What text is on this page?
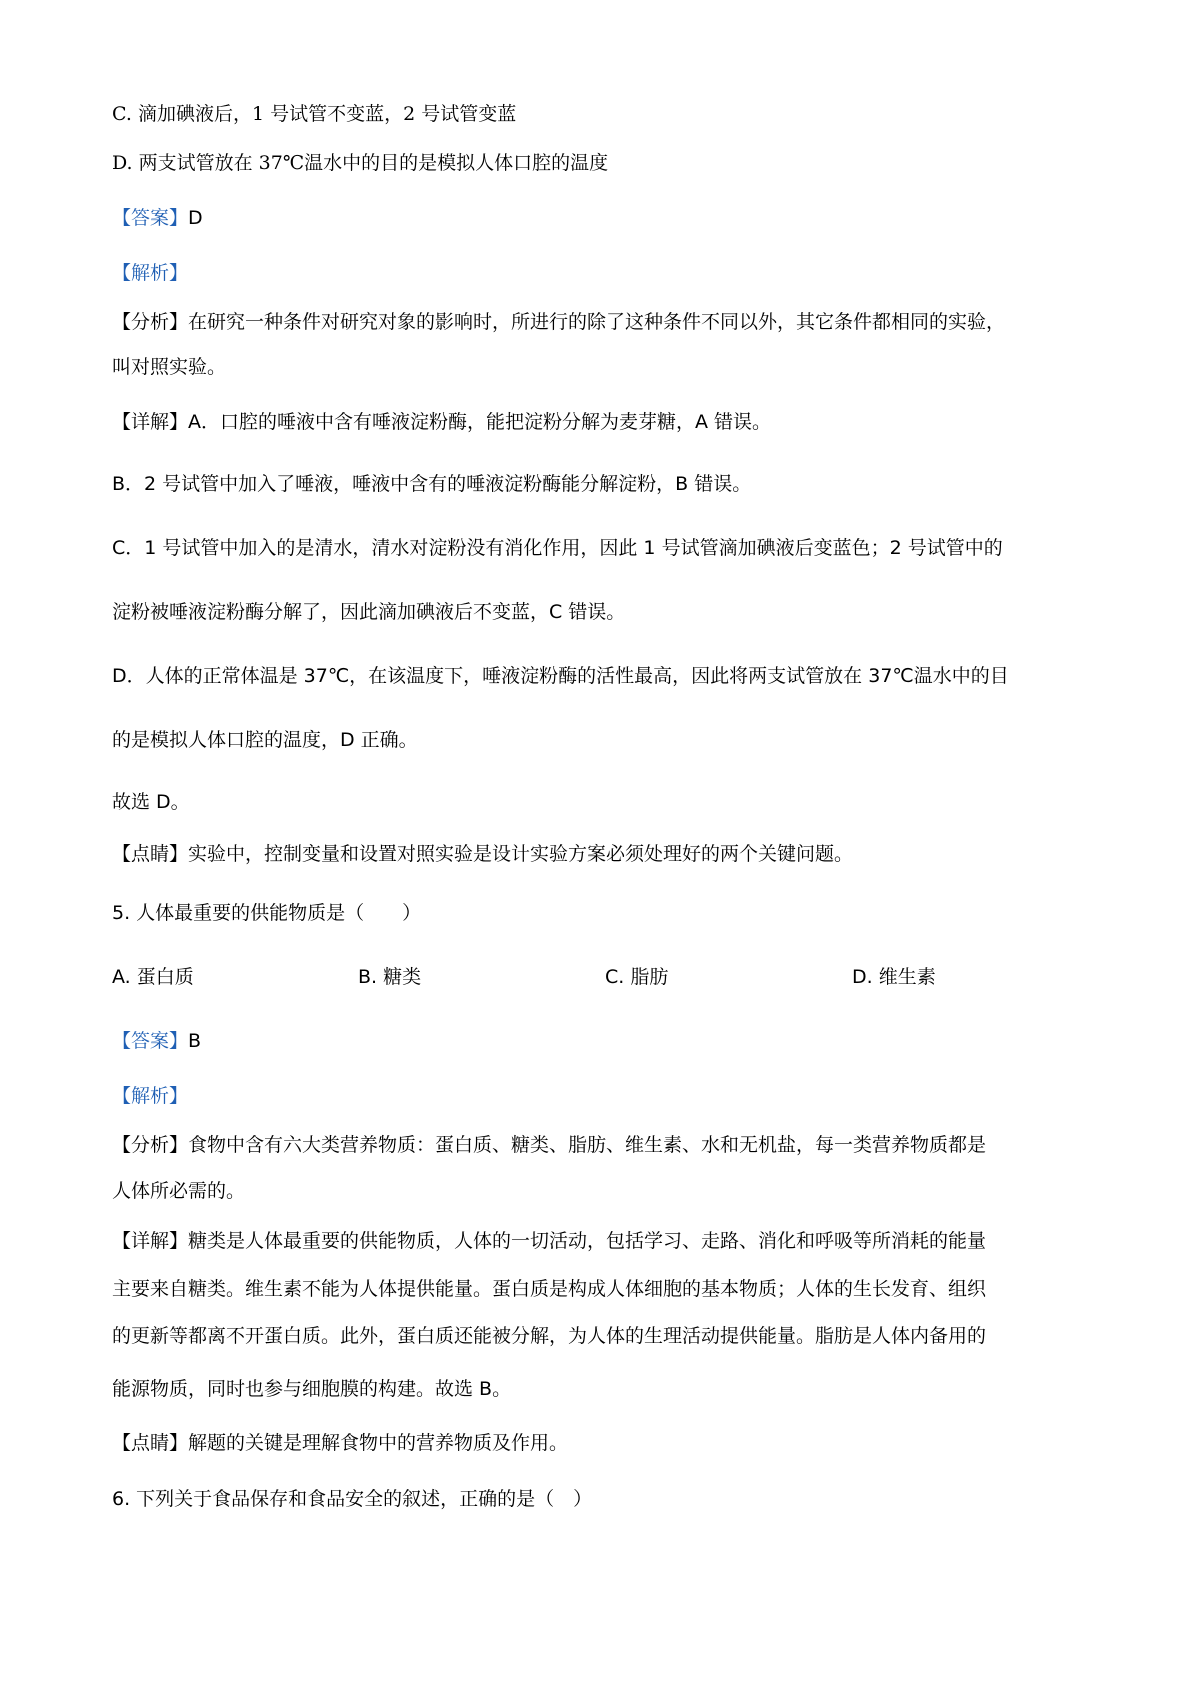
C. 滴加碘液后，1 号试管不变蓝，2 号试管变蓝
D. 两支试管放在 37℃温水中的目的是模拟人体口腔的温度
【答案】D
【解析】
【分析】在研究一种条件对研究对象的影响时，所进行的除了这种条件不同以外，其它条件都相同的实验，
叫对照实验。
【详解】A．口腔的唾液中含有唾液淀粉酶，能把淀粉分解为麦芽糖，A 错误。
B．2 号试管中加入了唾液，唾液中含有的唾液淀粉酶能分解淀粉，B 错误。
C．1 号试管中加入的是清水，清水对淀粉没有消化作用，因此 1 号试管滴加碘液后变蓝色；2 号试管中的
淀粉被唾液淀粉酶分解了，因此滴加碘液后不变蓝，C 错误。
D．人体的正常体温是 37℃，在该温度下，唾液淀粉酶的活性最高，因此将两支试管放在 37℃温水中的目
的是模拟人体口腔的温度，D 正确。
故选 D。
【点睛】实验中，控制变量和设置对照实验是设计实验方案必须处理好的两个关键问题。
5. 人体最重要的供能物质是（　　）
A. 蛋白质	B. 糖类	C. 脂肪	D. 维生素
【答案】B
【解析】
【分析】食物中含有六大类营养物质：蛋白质、糖类、脂肪、维生素、水和无机盐，每一类营养物质都是
人体所必需的。
【详解】糖类是人体最重要的供能物质，人体的一切活动，包括学习、走路、消化和呼吸等所消耗的能量
主要来自糖类。维生素不能为人体提供能量。蛋白质是构成人体细胞的基本物质；人体的生长发育、组织
的更新等都离不开蛋白质。此外，蛋白质还能被分解，为人体的生理活动提供能量。脂肪是人体内备用的
能源物质，同时也参与细胞膜的构建。故选 B。
【点睛】解题的关键是理解食物中的营养物质及作用。
6. 下列关于食品保存和食品安全的叙述，正确的是（　）
